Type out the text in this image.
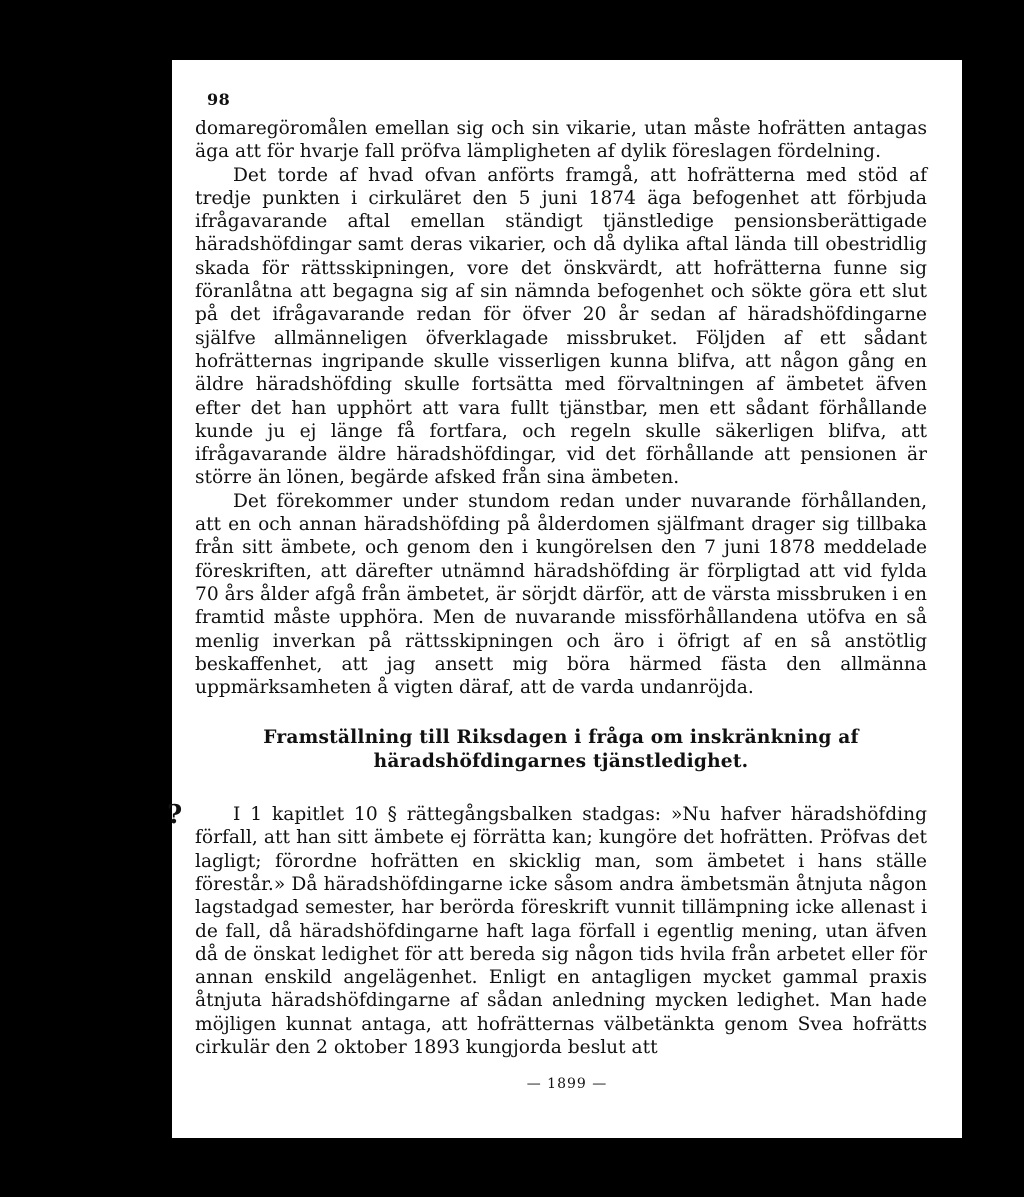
98

domaregöromålen emellan sig och sin vikarie, utan måste hofrätten antagas äga att för hvarje fall pröfva lämpligheten af dylik föreslagen fördelning.

Det torde af hvad ofvan anförts framgå, att hofrätterna med stöd af tredje punkten i cirkuläret den 5 juni 1874 äga befogenhet att förbjuda ifrågavarande aftal emellan ständigt tjänstledige pensionsberättigade häradshöfdingar samt deras vikarier, och då dylika aftal lända till obestridlig skada för rättsskipningen, vore det önskvärdt, att hofrätterna funne sig föranlåtna att begagna sig af sin nämnda befogenhet och sökte göra ett slut på det ifrågavarande redan för öfver 20 år sedan af häradshöfdingarne själfve allmänneligen öfverklagade missbruket. Följden af ett sådant hofrätternas ingripande skulle visserligen kunna blifva, att någon gång en äldre häradshöfding skulle fortsätta med förvaltningen af ämbetet äfven efter det han upphört att vara fullt tjänstbar, men ett sådant förhållande kunde ju ej länge få fortfara, och regeln skulle säkerligen blifva, att ifrågavarande äldre häradshöfdingar, vid det förhållande att pensionen är större än lönen, begärde afsked från sina ämbeten.

Det förekommer under stundom redan under nuvarande förhållanden, att en och annan häradshöfding på ålderdomen själfmant drager sig tillbaka från sitt ämbete, och genom den i kungörelsen den 7 juni 1878 meddelade föreskriften, att därefter utnämnd häradshöfding är förpligtad att vid fylda 70 års ålder afgå från ämbetet, är sörjdt därför, att de värsta missbruken i en framtid måste upphöra. Men de nuvarande missförhållandena utöfva en så menlig inverkan på rättsskipningen och äro i öfrigt af en så anstötlig beskaffenhet, att jag ansett mig böra härmed fästa den allmänna uppmärksamheten å vigten däraf, att de varda undanröjda.

Framställning till Riksdagen i fråga om inskränkning af
häradshöfdingarnes tjänstledighet.
?	I 1 kapitlet 10 § rättegångsbalken stadgas: »Nu hafver häradshöfding förfall, att han sitt ämbete ej förrätta kan; kungöre det hofrätten. Pröfvas det lagligt; förordne hofrätten en skicklig man, som ämbetet i hans ställe förestår.» Då häradshöfdingarne icke såsom andra ämbetsmän åtnjuta någon lagstadgad semester, har berörda föreskrift vunnit tillämpning icke allenast i de fall, då häradshöfdingarne haft laga förfall i egentlig mening, utan äfven då de önskat ledighet för att bereda sig någon tids hvila från arbetet eller för annan enskild angelägenhet. Enligt en antagligen mycket gammal praxis åtnjuta häradshöfdingarne af sådan anledning mycken ledighet. Man hade möjligen kunnat antaga, att hofrätternas välbetänkta genom Svea hofrätts cirkulär den 2 oktober 1893 kungjorda beslut att

— 1899 —
